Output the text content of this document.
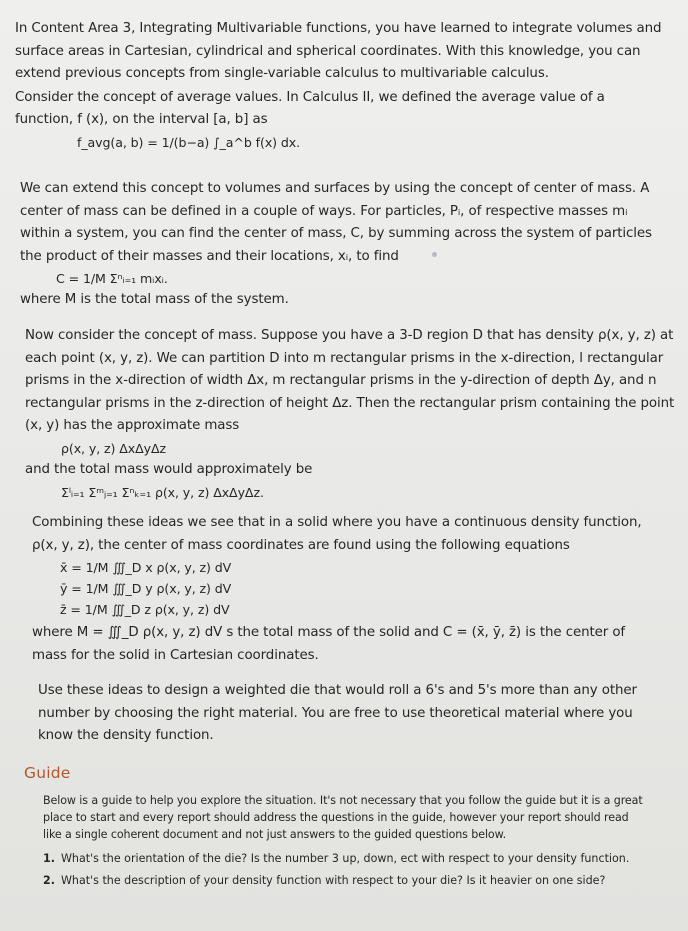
In Content Area 3, Integrating Multivariable functions, you have learned to integrate volumes and surface areas in Cartesian, cylindrical and spherical coordinates. With this knowledge, you can extend previous concepts from single-variable calculus to multivariable calculus.

Consider the concept of average values. In Calculus II, we defined the average value of a function, f (x), on the interval [a, b] as

f_avg(a, b) = 1/(b−a) ∫_a^b f(x) dx.

We can extend this concept to volumes and surfaces by using the concept of center of mass. A center of mass can be defined in a couple of ways. For particles, Pᵢ, of respective masses mᵢ within a system, you can find the center of mass, C, by summing across the system of particles the product of their masses and their locations, xᵢ, to find

C = 1/M Σⁿᵢ₌₁ mᵢxᵢ.

where M is the total mass of the system.

Now consider the concept of mass. Suppose you have a 3-D region D that has density ρ(x, y, z) at each point (x, y, z). We can partition D into m rectangular prisms in the x-direction, l rectangular prisms in the x-direction of width Δx, m rectangular prisms in the y-direction of depth Δy, and n rectangular prisms in the z-direction of height Δz. Then the rectangular prism containing the point (x, y) has the approximate mass

ρ(x, y, z) ΔxΔyΔz

and the total mass would approximately be

Σˡᵢ₌₁ Σᵐⱼ₌₁ Σⁿₖ₌₁ ρ(x, y, z) ΔxΔyΔz.

Combining these ideas we see that in a solid where you have a continuous density function, ρ(x, y, z), the center of mass coordinates are found using the following equations

x̄ = 1/M ∭_D x ρ(x, y, z) dV

ȳ = 1/M ∭_D y ρ(x, y, z) dV

z̄ = 1/M ∭_D z ρ(x, y, z) dV

where M = ∭_D ρ(x, y, z) dV s the total mass of the solid and C = (x̄, ȳ, z̄) is the center of mass for the solid in Cartesian coordinates.

Use these ideas to design a weighted die that would roll a 6's and 5's more than any other number by choosing the right material. You are free to use theoretical material where you know the density function.

Guide

Below is a guide to help you explore the situation. It's not necessary that you follow the guide but it is a great place to start and every report should address the questions in the guide, however your report should read like a single coherent document and not just answers to the guided questions below.

1. What's the orientation of the die? Is the number 3 up, down, ect with respect to your density function.
2. What's the description of your density function with respect to your die? Is it heavier on one side?
